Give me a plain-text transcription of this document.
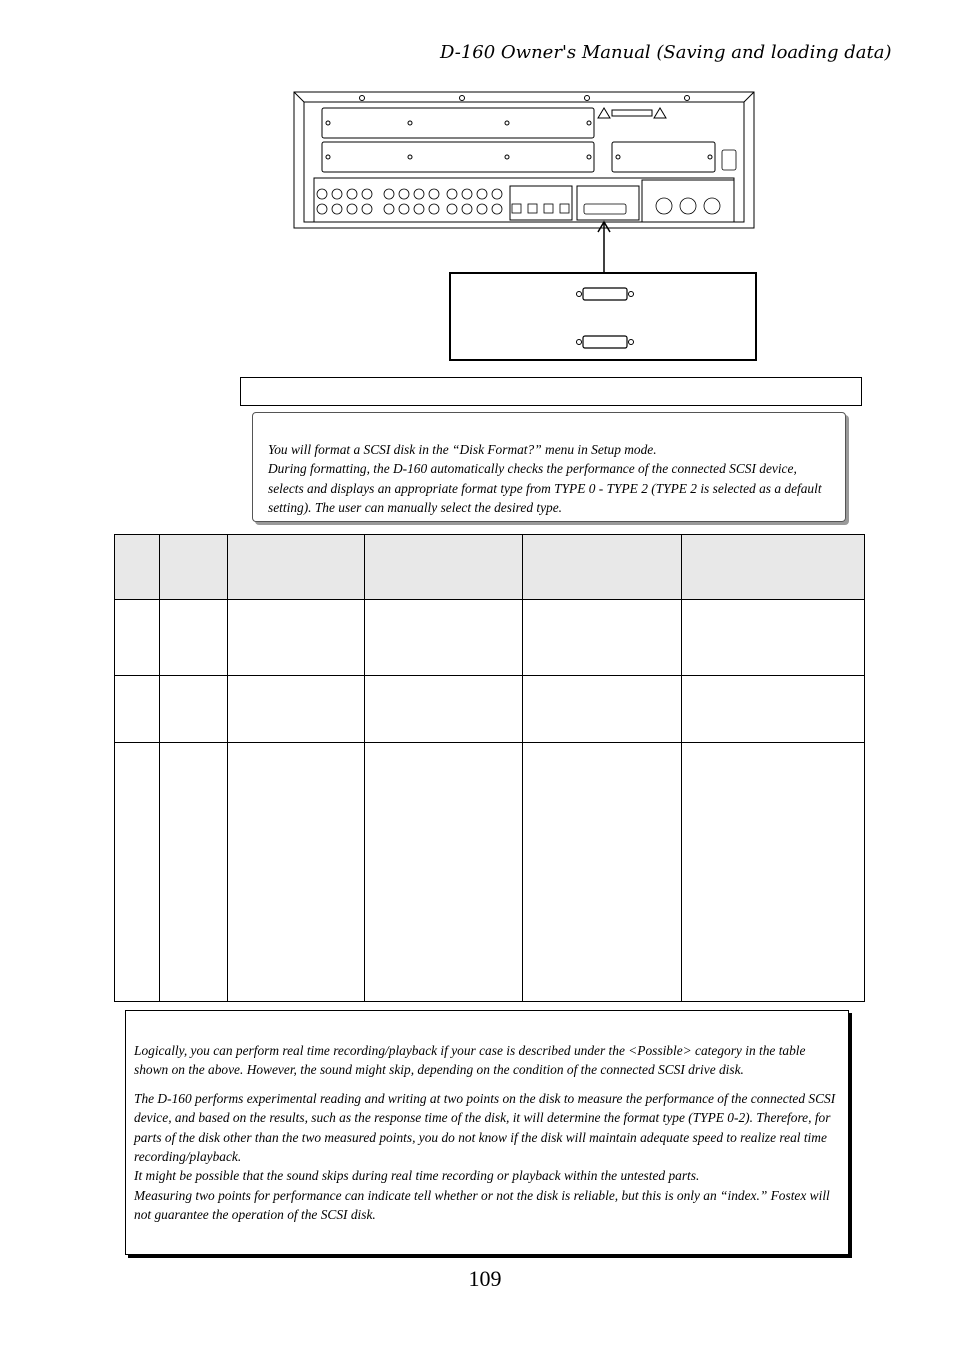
D-160 Owner's Manual (Saving and loading data)

You will format a SCSI disk in the “Disk Format?” menu in Setup mode.

During formatting, the D-160 automatically checks the performance of the connected SCSI device, selects and displays an appropriate format type from TYPE 0 - TYPE 2 (TYPE 2 is selected as a default setting). The user can manually select the desired type.

Logically, you can perform real time recording/playback if your case is described under the <Possible> category in the table shown on the above. However, the sound might skip, depending on the condition of the connected SCSI drive disk.

The D-160 performs experimental reading and writing at two points on the disk to measure the performance of the connected SCSI device, and based on the results, such as the response time of the disk, it will determine the format type (TYPE 0-2). Therefore, for parts of the disk other than the two measured points, you do not know if the disk will maintain adequate speed to realize real time recording/playback.
It might be possible that the sound skips during real time recording or playback within the untested parts.
Measuring two points for performance can indicate tell whether or not the disk is reliable, but this is only an “index.” Fostex will not guarantee the operation of the SCSI disk.

109
